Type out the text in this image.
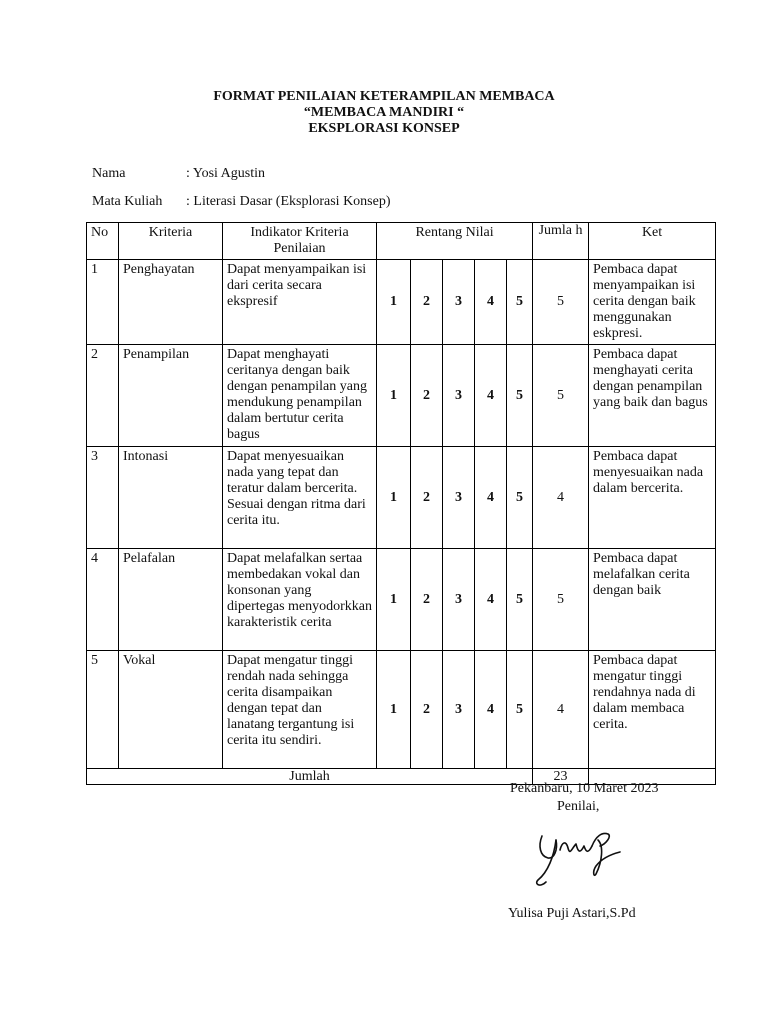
FORMAT PENILAIAN KETERAMPILAN MEMBACA
“MEMBACA MANDIRI “
EKSPLORASI KONSEP
Nama	: Yosi Agustin
Mata Kuliah : Literasi Dasar (Eksplorasi Konsep)
No	Kriteria	Indikator Kriteria Penilaian	Rentang Nilai					Jumla h	Ket
1	Penghayatan	Dapat menyampaikan isi dari cerita secara ekspresif	1	2	3	4	5	5	Pembaca dapat menyampaikan isi cerita dengan baik menggunakan eskpresi.
2	Penampilan	Dapat menghayati ceritanya dengan baik dengan penampilan yang mendukung penampilan dalam bertutur cerita bagus	1	2	3	4	5	5	Pembaca dapat menghayati cerita dengan penampilan yang baik dan bagus
3	Intonasi	Dapat menyesuaikan nada yang tepat dan teratur dalam bercerita. Sesuai dengan ritma dari cerita itu.	1	2	3	4	5	4	Pembaca dapat menyesuaikan nada dalam bercerita.
4	Pelafalan	Dapat melafalkan sertaa membedakan vokal dan konsonan yang dipertegas menyodorkkan karakteristik cerita	1	2	3	4	5	5	Pembaca dapat melafalkan cerita dengan baik
5	Vokal	Dapat mengatur tinggi rendah nada sehingga cerita disampaikan dengan tepat dan lanatang tergantung isi cerita itu sendiri.	1	2	3	4	5	4	Pembaca dapat mengatur tinggi rendahnya nada di dalam membaca cerita.
Jumlah								23	
Pekanbaru, 10 Maret 2023
Penilai,
Yulisa Puji Astari,S.Pd
